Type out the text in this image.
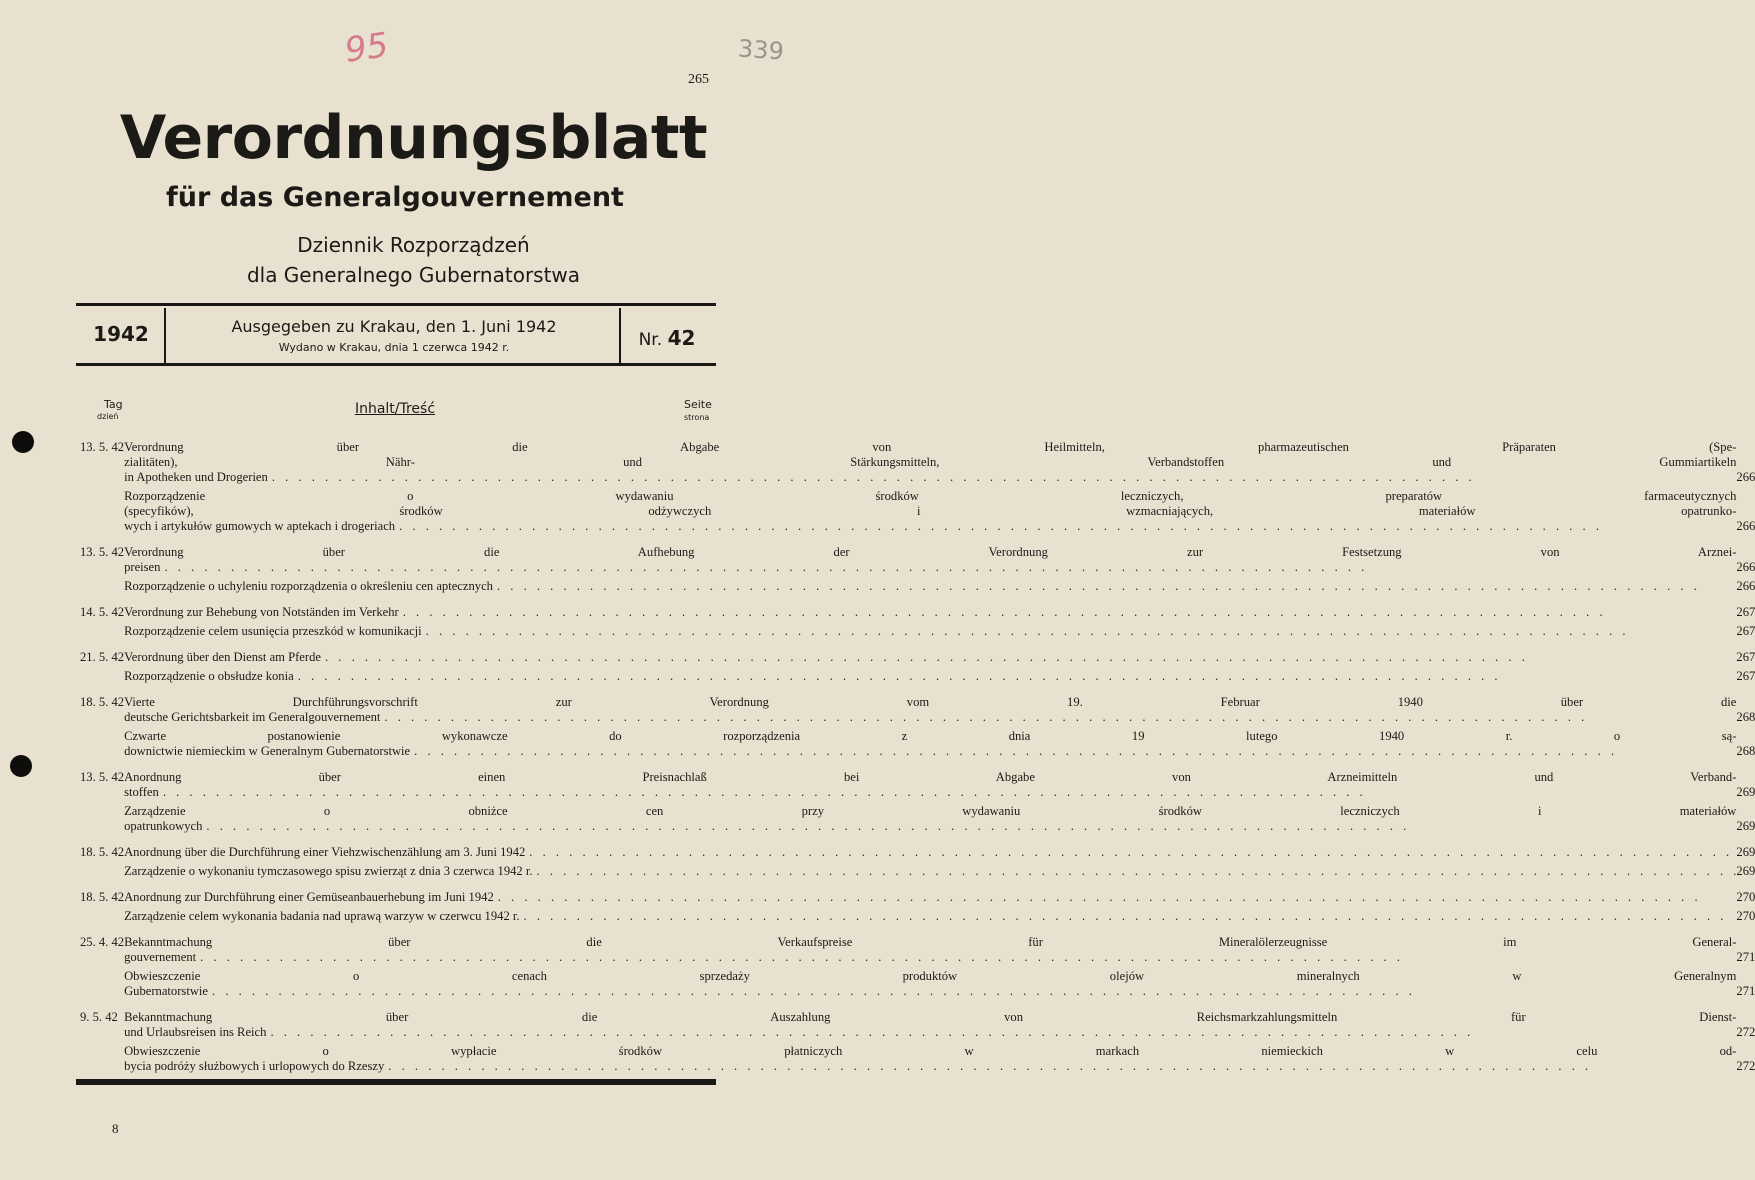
339
95
265
Verordnungsblatt
für das Generalgouvernement
Dziennik Rozporządzeń
dla Generalnego Gubernatorstwa
1942	Ausgegeben zu Krakau, den 1. Juni 1942
Wydano w Krakau, dnia 1 czerwca 1942 r.	Nr. 42
Tag
dzień	Inhalt/Treść	Seite
strona
13. 5. 42	Verordnung über die Abgabe von Heilmitteln, pharmazeutischen Präparaten (Spe-	

	zialitäten), Nähr- und Stärkungsmitteln, Verbandstoffen und Gummiartikeln	

	in Apotheken und Drogerien
. . .	266

	Rozporządzenie o wydawaniu środków leczniczych, preparatów farmaceutycznych	

	(specyfików), środków odżywczych i wzmacniających, materiałów opatrunko-	

	wych i artykułów gumowych w aptekach i drogeriach
. . .	266

13. 5. 42	Verordnung über die Aufhebung der Verordnung zur Festsetzung von Arznei-	

	preisen
. . .	266

	Rozporządzenie o uchyleniu rozporządzenia o określeniu cen aptecznych
. . .	266

14. 5. 42	Verordnung zur Behebung von Notständen im Verkehr
. . .	267

	Rozporządzenie celem usunięcia przeszkód w komunikacji
. . .	267

21. 5. 42	Verordnung über den Dienst am Pferde
. . .	267

	Rozporządzenie o obsłudze konia
. . .	267

18. 5. 42	Vierte Durchführungsvorschrift zur Verordnung vom 19. Februar 1940 über die	

	deutsche Gerichtsbarkeit im Generalgouvernement
. . .	268

	Czwarte postanowienie wykonawcze do rozporządzenia z dnia 19 lutego 1940 r. o są-	

	downictwie niemieckim w Generalnym Gubernatorstwie
. . .	268

13. 5. 42	Anordnung über einen Preisnachlaß bei Abgabe von Arzneimitteln und Verband-	

	stoffen
. . .	269

	Zarządzenie o obniżce cen przy wydawaniu środków leczniczych i materiałów	

	opatrunkowych
. . .	269

18. 5. 42	Anordnung über die Durchführung einer Viehzwischenzählung am 3. Juni 1942
. . .	269

	Zarządzenie o wykonaniu tymczasowego spisu zwierząt z dnia 3 czerwca 1942 r.
. . .	269

18. 5. 42	Anordnung zur Durchführung einer Gemüseanbauerhebung im Juni 1942
. . .	270

	Zarządzenie celem wykonania badania nad uprawą warzyw w czerwcu 1942 r.
. . .	270

25. 4. 42	Bekanntmachung über die Verkaufspreise für Mineralölerzeugnisse im General-	

	gouvernement
. . .	271

	Obwieszczenie o cenach sprzedaży produktów olejów mineralnych w Generalnym	

	Gubernatorstwie
. . .	271

9. 5. 42	Bekanntmachung über die Auszahlung von Reichsmarkzahlungsmitteln für Dienst-	

	und Urlaubsreisen ins Reich
. . .	272

	Obwieszczenie o wypłacie środków płatniczych w markach niemieckich w celu od-	

	bycia podróży służbowych i urlopowych do Rzeszy
. . .	272
8
